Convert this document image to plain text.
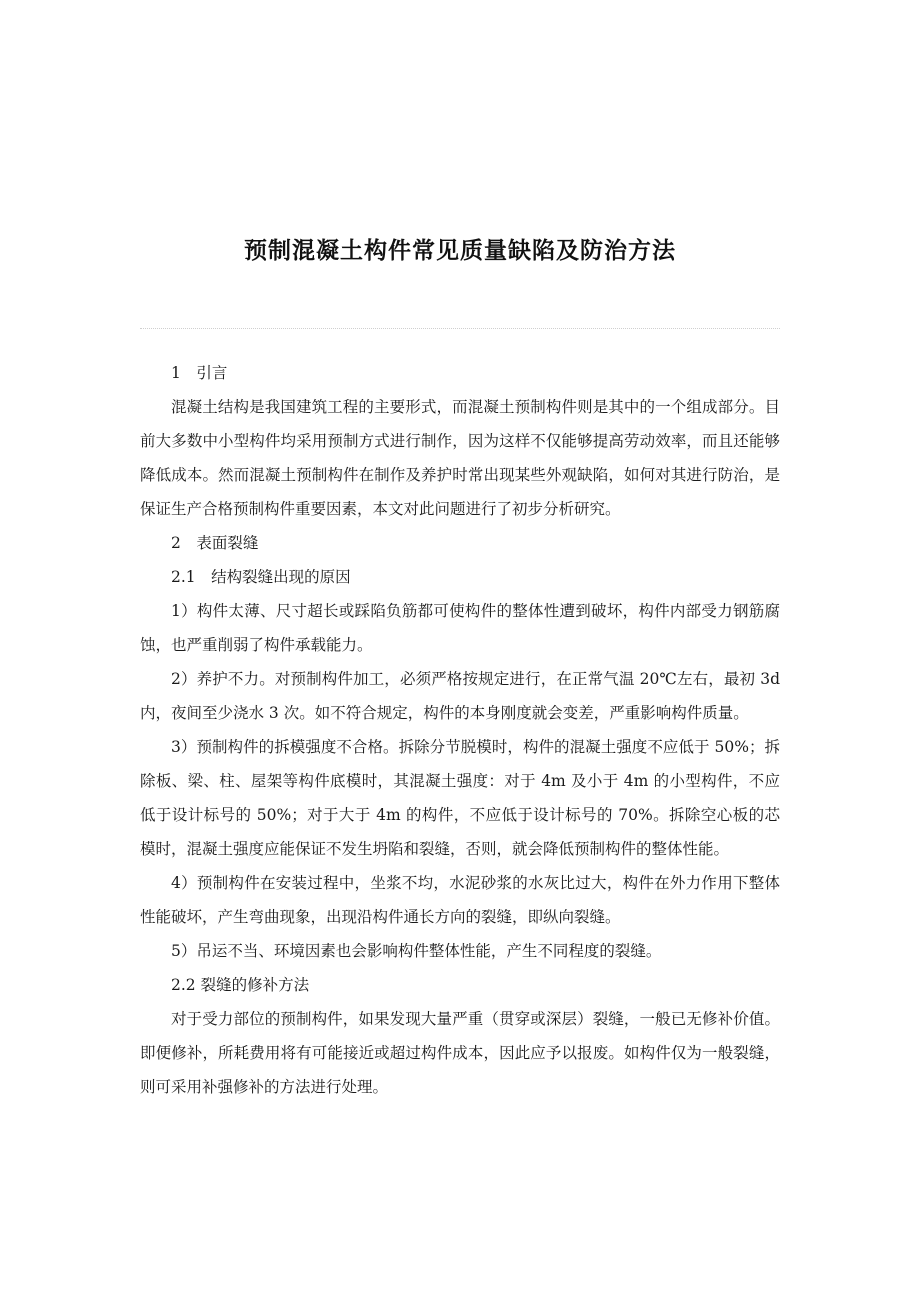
预制混凝土构件常见质量缺陷及防治方法

1　引言

混凝土结构是我国建筑工程的主要形式，而混凝土预制构件则是其中的一个组成部分。目前大多数中小型构件均采用预制方式进行制作，因为这样不仅能够提高劳动效率，而且还能够降低成本。然而混凝土预制构件在制作及养护时常出现某些外观缺陷，如何对其进行防治，是保证生产合格预制构件重要因素，本文对此问题进行了初步分析研究。

2　表面裂缝

2.1　结构裂缝出现的原因

1）构件太薄、尺寸超长或踩陷负筋都可使构件的整体性遭到破坏，构件内部受力钢筋腐蚀，也严重削弱了构件承载能力。

2）养护不力。对预制构件加工，必须严格按规定进行，在正常气温 20℃左右，最初 3d 内，夜间至少浇水 3 次。如不符合规定，构件的本身刚度就会变差，严重影响构件质量。

3）预制构件的拆模强度不合格。拆除分节脱模时，构件的混凝土强度不应低于 50%；拆除板、梁、柱、屋架等构件底模时，其混凝土强度：对于 4m 及小于 4m 的小型构件，不应低于设计标号的 50%；对于大于 4m 的构件，不应低于设计标号的 70%。拆除空心板的芯模时，混凝土强度应能保证不发生坍陷和裂缝，否则，就会降低预制构件的整体性能。

4）预制构件在安装过程中，坐浆不均，水泥砂浆的水灰比过大，构件在外力作用下整体性能破坏，产生弯曲现象，出现沿构件通长方向的裂缝，即纵向裂缝。

5）吊运不当、环境因素也会影响构件整体性能，产生不同程度的裂缝。

2.2 裂缝的修补方法

对于受力部位的预制构件，如果发现大量严重（贯穿或深层）裂缝，一般已无修补价值。即便修补，所耗费用将有可能接近或超过构件成本，因此应予以报废。如构件仅为一般裂缝，则可采用补强修补的方法进行处理。
